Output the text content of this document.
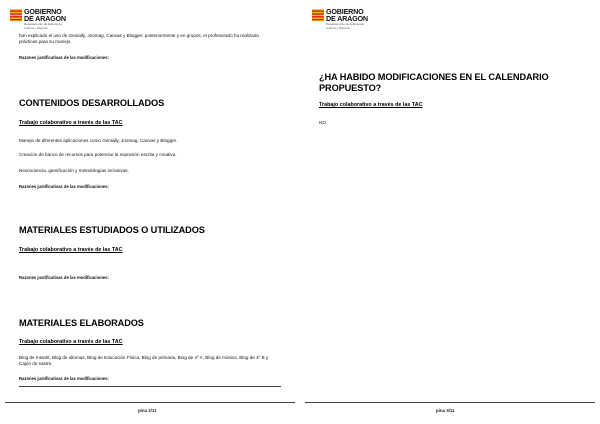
GOBIERNO
DE ARAGON
Departamento de Educación,
Cultura y Deporte
han explicado el uso de Genially, Joomag, Canvas y Blogger. posteriormente y en grupos, el profesorado ha realizado prácticas para su manejo.
Razones justificativas de las modificaciones:
CONTENIDOS DESARROLLADOS
Trabajo colaborativo a través de las TAC
Manejo de diferentes aplicaciones como Genially, Joomag, Canvas y Blogger.
Creación de banco de recursos para potenciar la expresión escrita y creativa.
Neurociencia, gamificación y metodologías inclusivas.
Razones justificativas de las modificaciones:
MATERIALES ESTUDIADOS O UTILIZADOS
Trabajo colaborativo a través de las TAC
Razones justificativas de las modificaciones:
MATERIALES ELABORADOS
Trabajo colaborativo a través de las TAC
Blog de Intantil, Blog de idiomas, Blog de Educación Física, Blog de primaria, Blog de 4º A, Blog de música, Blog de 4º B y Cajón de sastre.
Razones justificativas de las modificaciones:
pina 2/11
GOBIERNO
DE ARAGON
Departamento de Educación,
Cultura y Deporte
¿HA HABIDO MODIFICACIONES EN EL CALENDARIO PROPUESTO?
Trabajo colaborativo a través de las TAC
NO
pina 3/11
